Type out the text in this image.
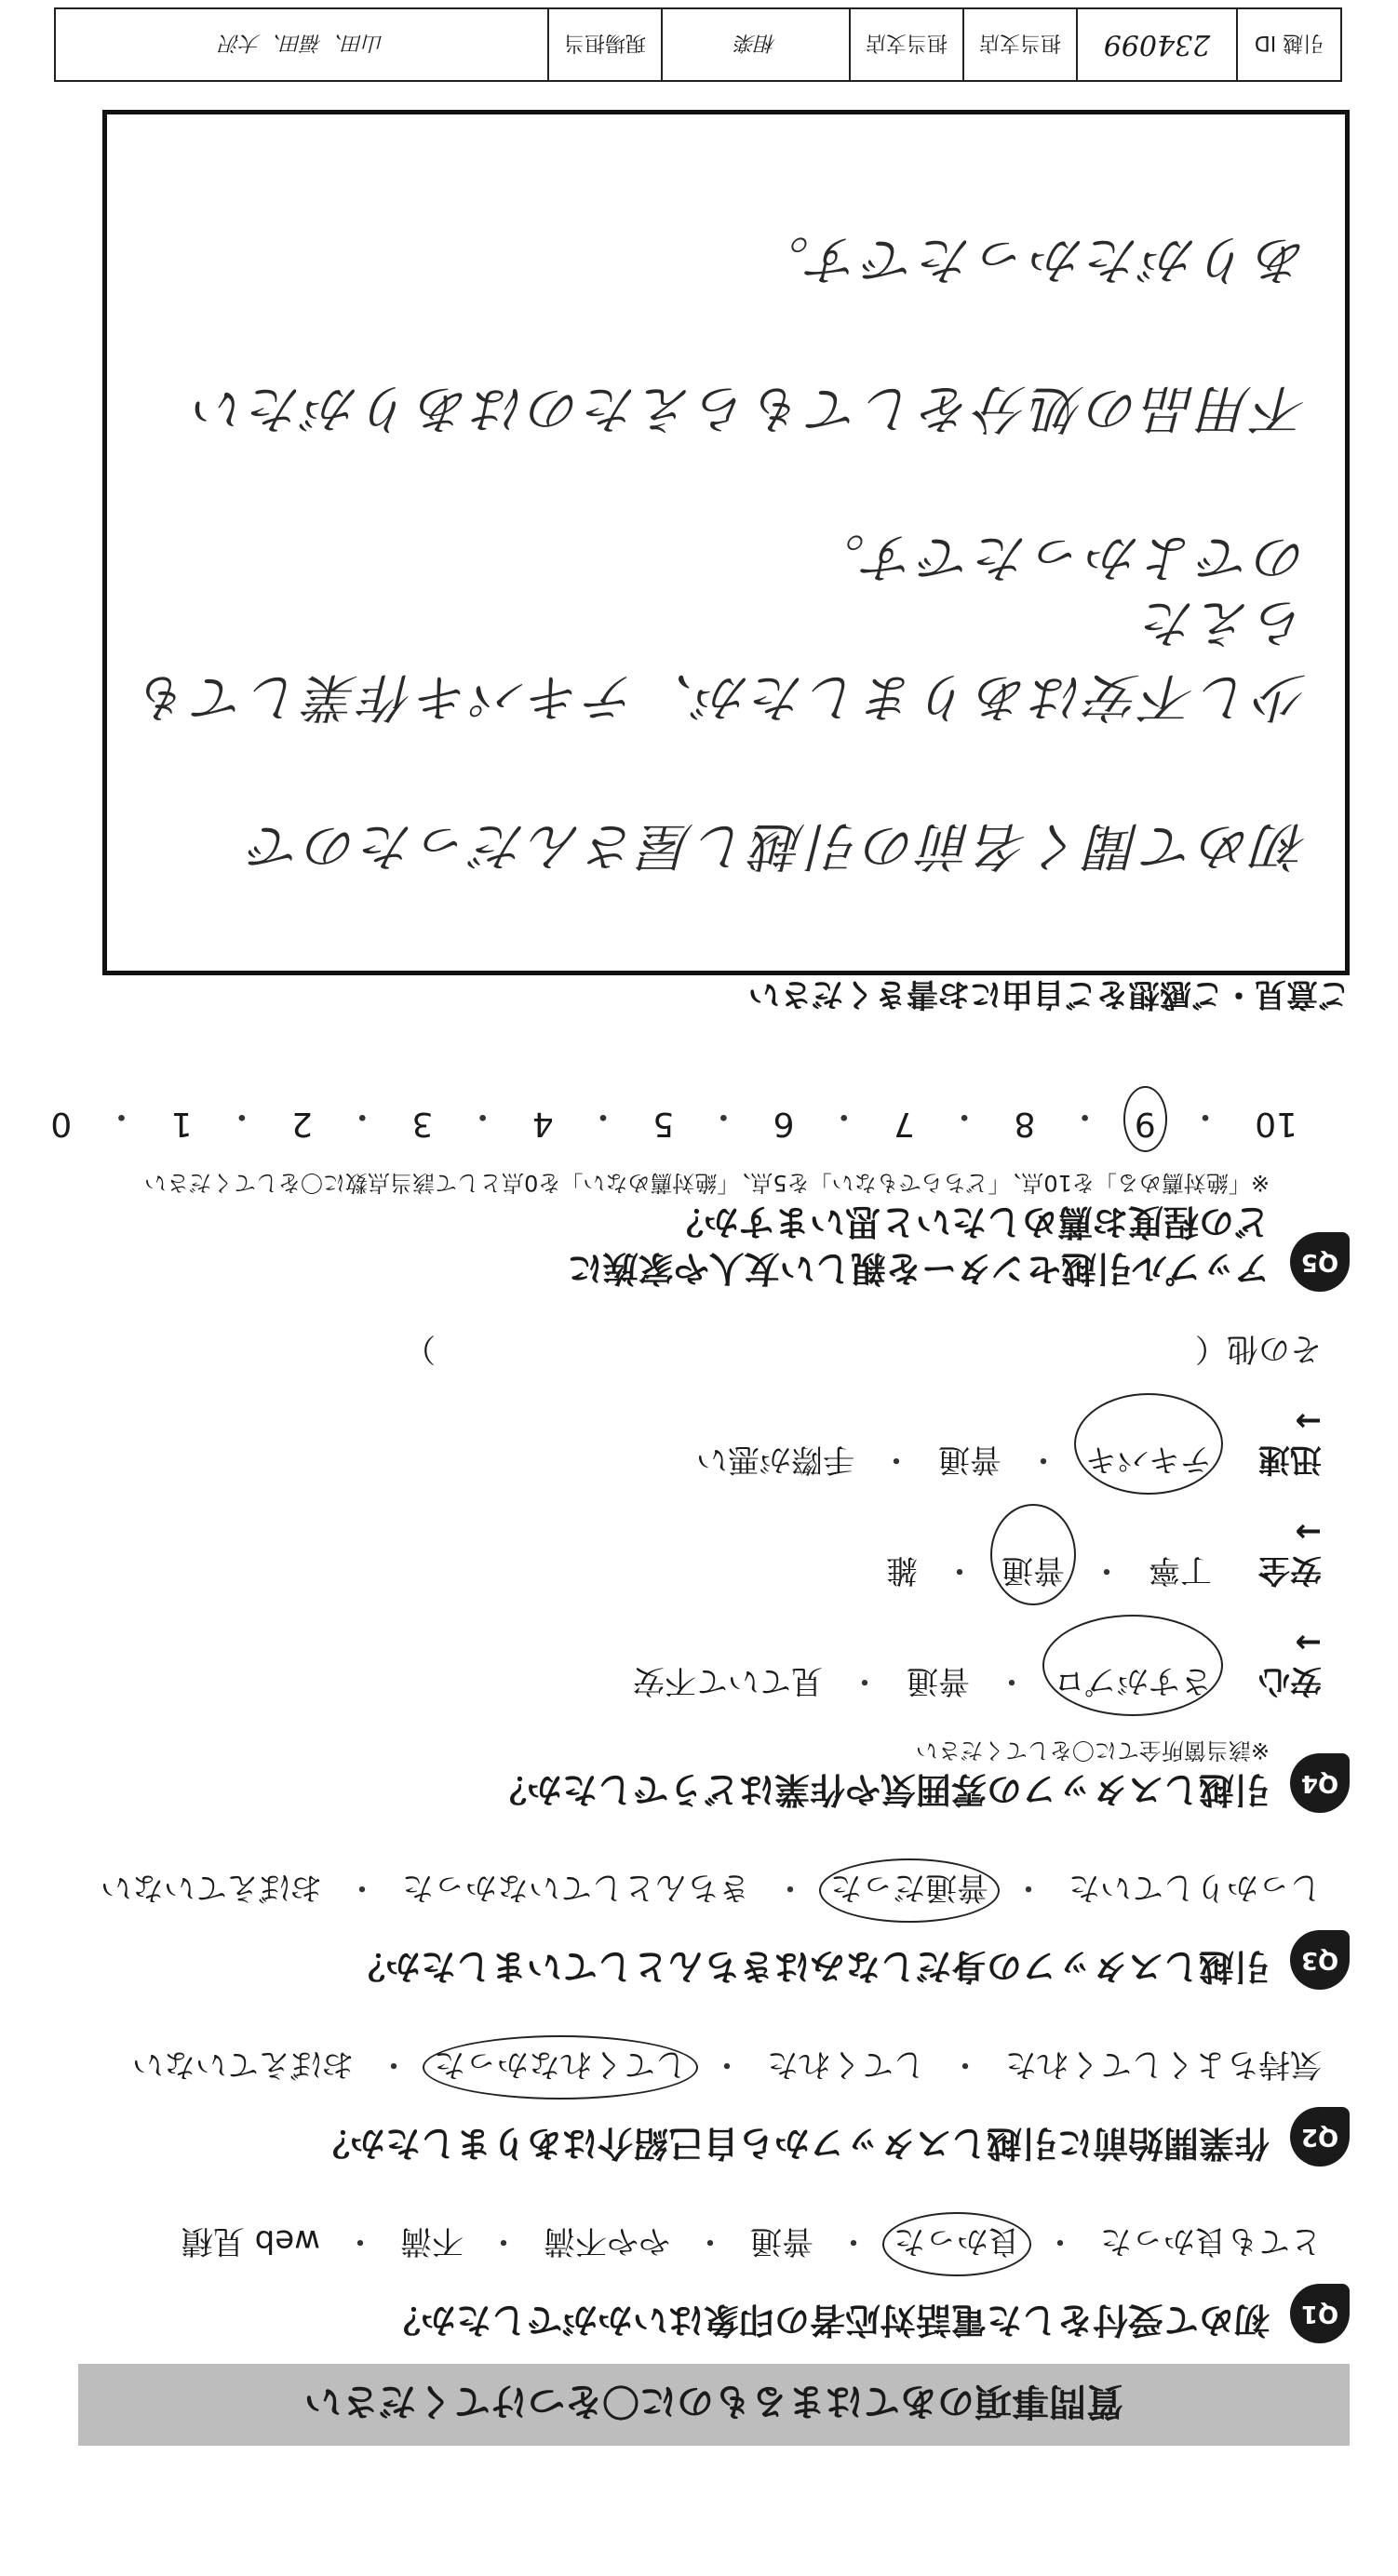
質問事項のあてはまるものに〇をつけてください
Q1
初めて受付をした電話対応者の印象はいかがでしたか？
とても良かった
・
良かった
・
普通
・
やや不満
・
不満
・
web 見積
Q2
作業開始前に引越しスタッフから自己紹介はありましたか？
気持ちよくしてくれた
・
してくれた
・
してくれなかった
・
おぼえていない
Q3
引越しスタッフの身だしなみはきちんとしていましたか？
しっかりしていた
・
普通だった
・
きちんとしていなかった
・
おぼえていない
Q4
引越しスタッフの雰囲気や作業はどうでしたか？
※該当箇所全てに〇をしてください
安心 →
さすがプロ
・
普通
・
見ていて不安
安全 →
丁寧
・
普通
・
雑
迅速 →
テキパキ
・
普通
・
手際が悪い
その他（　　　　　　　　　　　　　　　　　　　　　　　　）
Q5
アップル引越センターを親しい友人や家族に
どの程度お薦めしたいと思いますか？
※「絶対薦める」を10点、「どちらでもない」を5点、「絶対薦めない」を0点として該当点数に〇をしてください
10
・
9
・
8
・
7
・
6
・
5
・
4
・
3
・
2
・
1
・
0
ご意見・ご感想をご自由にお書きください
初めて聞く名前の引越し屋さんだったので
少し不安はありましたが、テキパキ作業してもらえた
のでよかったです。
不用品の処分をしてもらえたのはありがたい
ありがたかったです。
引越 ID
234099
担当支店
担当支店
相楽
現場担当
山田、福田、大沢
